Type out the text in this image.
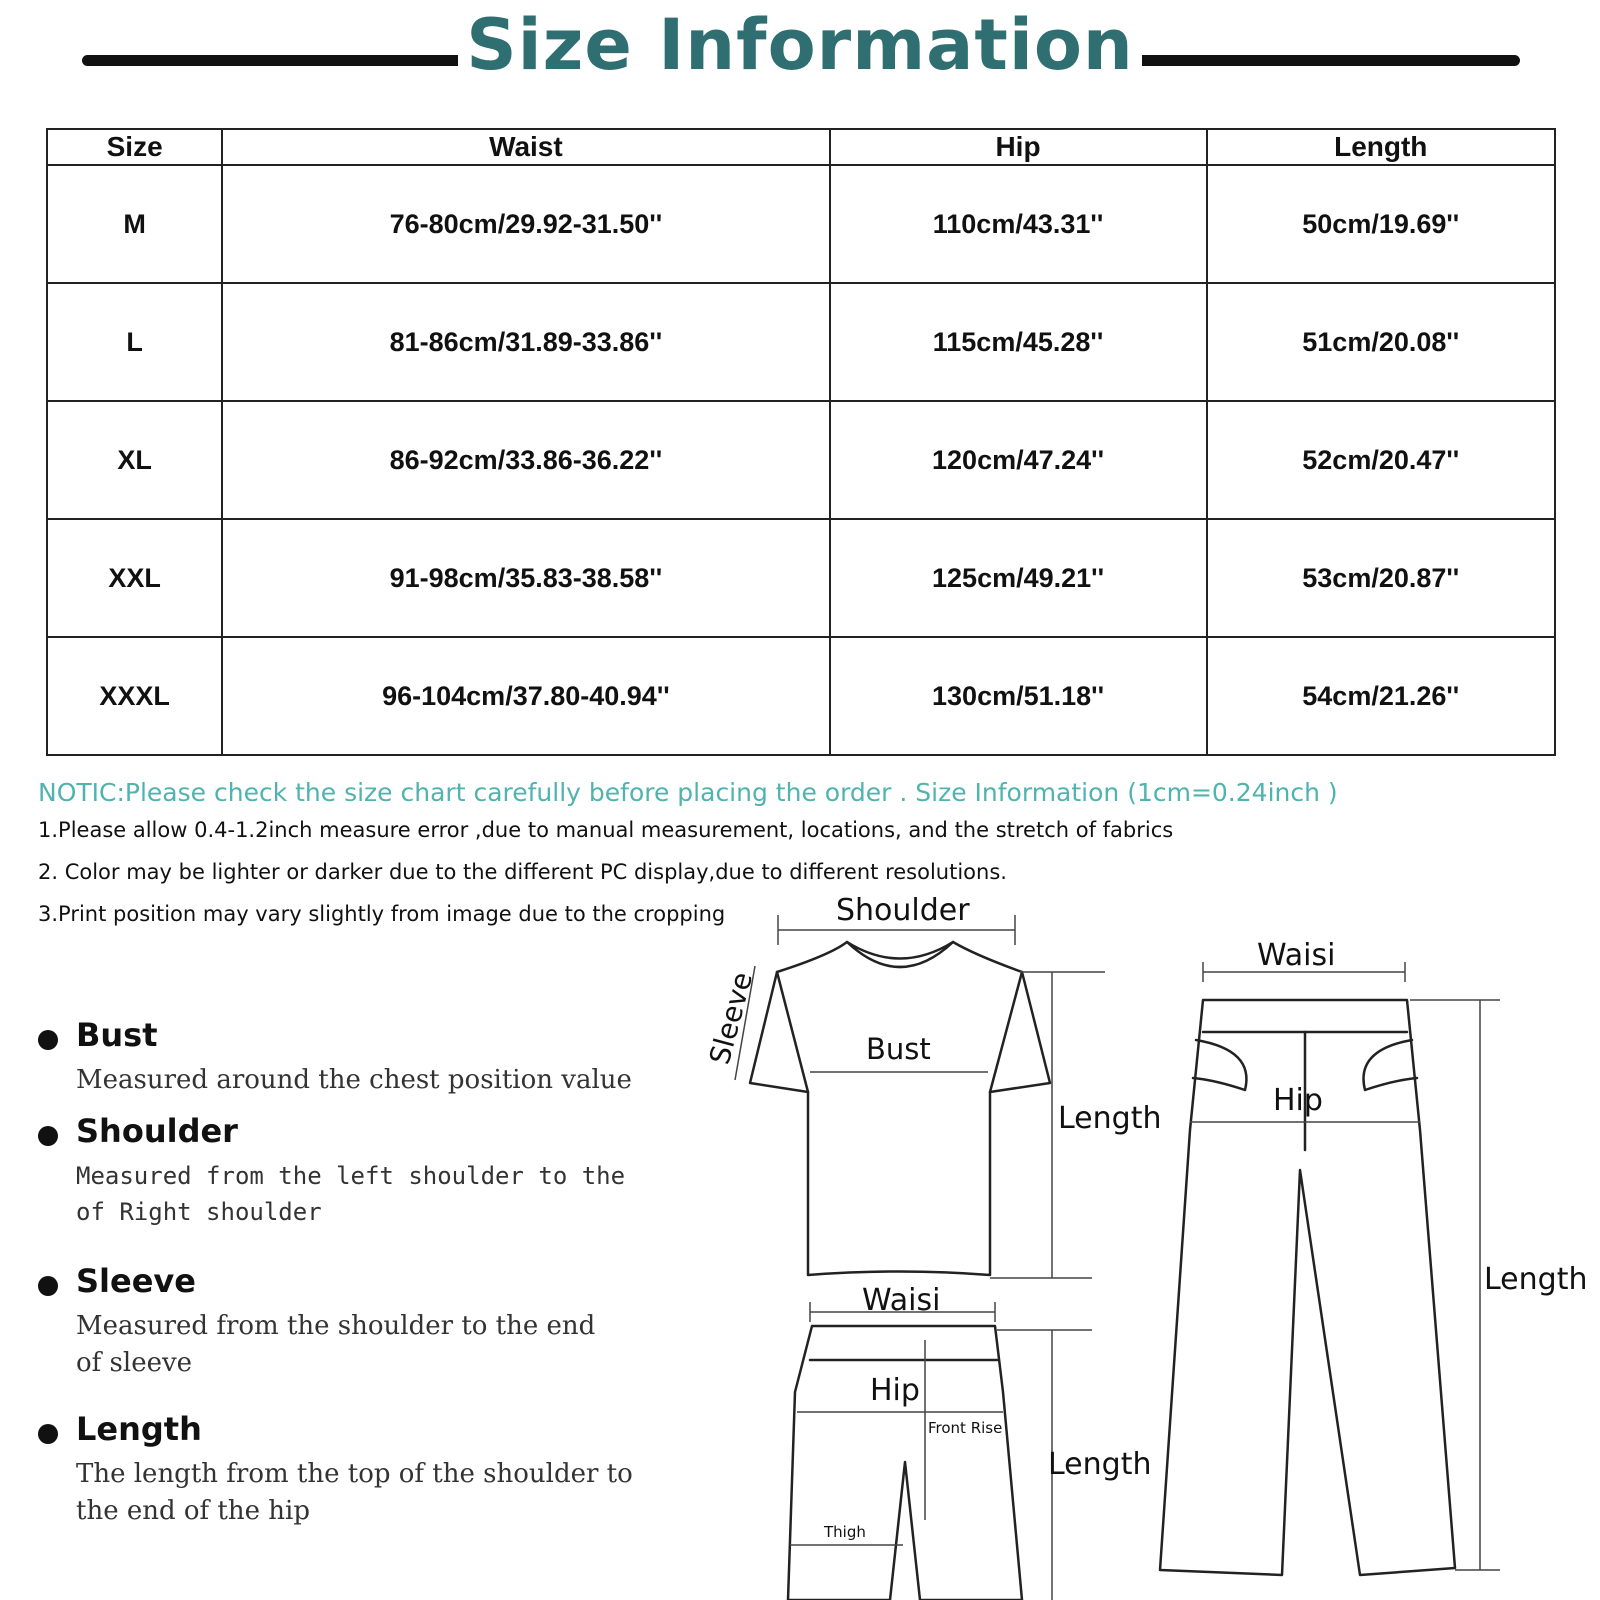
Size Information
Size	Waist	Hip	Length
M	76-80cm/29.92-31.50''	110cm/43.31''	50cm/19.69''
L	81-86cm/31.89-33.86''	115cm/45.28''	51cm/20.08''
XL	86-92cm/33.86-36.22''	120cm/47.24''	52cm/20.47''
XXL	91-98cm/35.83-38.58''	125cm/49.21''	53cm/20.87''
XXXL	96-104cm/37.80-40.94''	130cm/51.18''	54cm/21.26''
NOTIC:Please check the size chart carefully before placing the order . Size Information (1cm=0.24inch )
1.Please allow 0.4-1.2inch measure error ,due to manual measurement, locations, and the stretch of fabrics
2. Color may be lighter or darker due to the different PC display,due to different resolutions.
3.Print position may vary slightly from image due to the cropping
Bust
Measured around the chest position value
Shoulder
Measured from the left shoulder to the
of Right shoulder
Sleeve
Measured from the shoulder to the end
of sleeve
Length
The length from the top of the shoulder to
the end of the hip
Shoulder
Sleeve	Bust
Length
Waisi
Hip
Length
Waisi
Hip
Front Rise
Thigh
Length
